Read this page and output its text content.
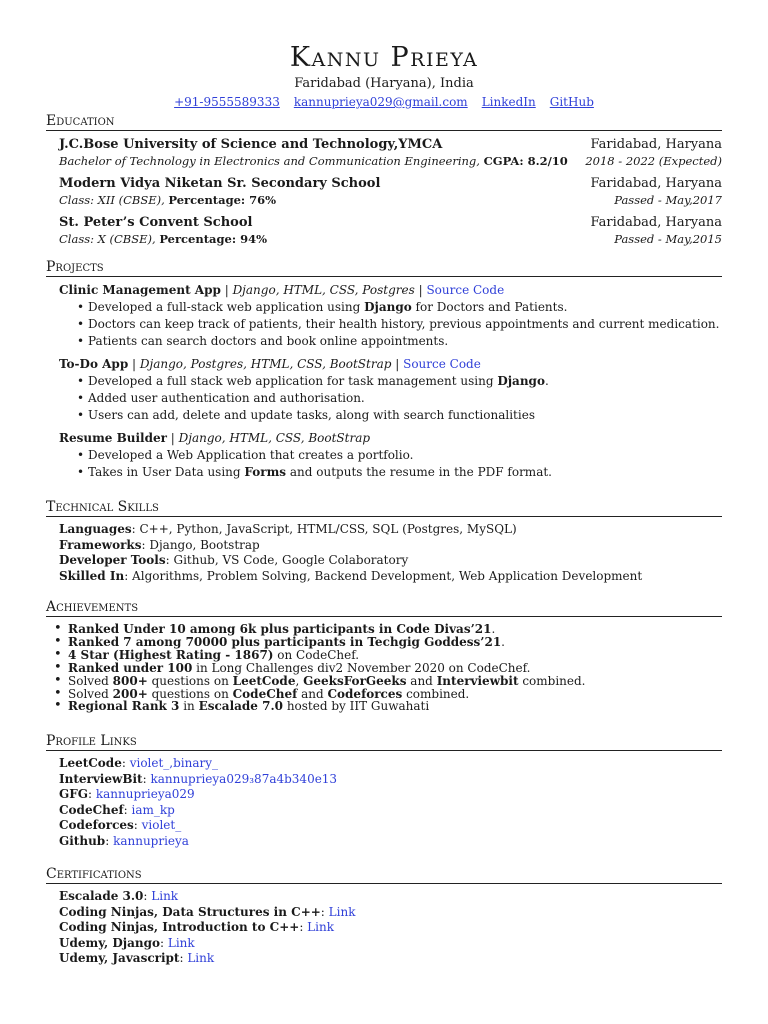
Kannu Prieya
Faridabad (Haryana), India
+91-9555589333 kannuprieya029@gmail.com LinkedIn GitHub
Education
J.C.Bose University of Science and Technology,YMCA
Bachelor of Technology in Electronics and Communication Engineering, CGPA: 8.2/10
Faridabad, Haryana
2018 - 2022 (Expected)
Modern Vidya Niketan Sr. Secondary School
Class: XII (CBSE), Percentage: 76%
Faridabad, Haryana
Passed - May,2017
St. Peter’s Convent School
Class: X (CBSE), Percentage: 94%
Faridabad, Haryana
Passed - May,2015
Projects
Clinic Management App | Django, HTML, CSS, Postgres | Source Code
• Developed a full-stack web application using Django for Doctors and Patients.
• Doctors can keep track of patients, their health history, previous appointments and current medication.
• Patients can search doctors and book online appointments.
To-Do App | Django, Postgres, HTML, CSS, BootStrap | Source Code
• Developed a full stack web application for task management using Django.
• Added user authentication and authorisation.
• Users can add, delete and update tasks, along with search functionalities
Resume Builder | Django, HTML, CSS, BootStrap
• Developed a Web Application that creates a portfolio.
• Takes in User Data using Forms and outputs the resume in the PDF format.
Technical Skills
Languages: C++, Python, JavaScript, HTML/CSS, SQL (Postgres, MySQL)
Frameworks: Django, Bootstrap
Developer Tools: Github, VS Code, Google Colaboratory
Skilled In: Algorithms, Problem Solving, Backend Development, Web Application Development
Achievements
• Ranked Under 10 among 6k plus participants in Code Divas’21.
• Ranked 7 among 70000 plus participants in Techgig Goddess’21.
• 4 Star (Highest Rating - 1867) on CodeChef.
• Ranked under 100 in Long Challenges div2 November 2020 on CodeChef.
• Solved 800+ questions on LeetCode, GeeksForGeeks and Interviewbit combined.
• Solved 200+ questions on CodeChef and Codeforces combined.
• Regional Rank 3 in Escalade 7.0 hosted by IIT Guwahati
Profile Links
LeetCode: violet_,binary_
InterviewBit: kannuprieya029₃87a4b340e13
GFG: kannuprieya029
CodeChef: iam_kp
Codeforces: violet_
Github: kannuprieya
Certifications
Escalade 3.0: Link
Coding Ninjas, Data Structures in C++: Link
Coding Ninjas, Introduction to C++: Link
Udemy, Django: Link
Udemy, Javascript: Link
